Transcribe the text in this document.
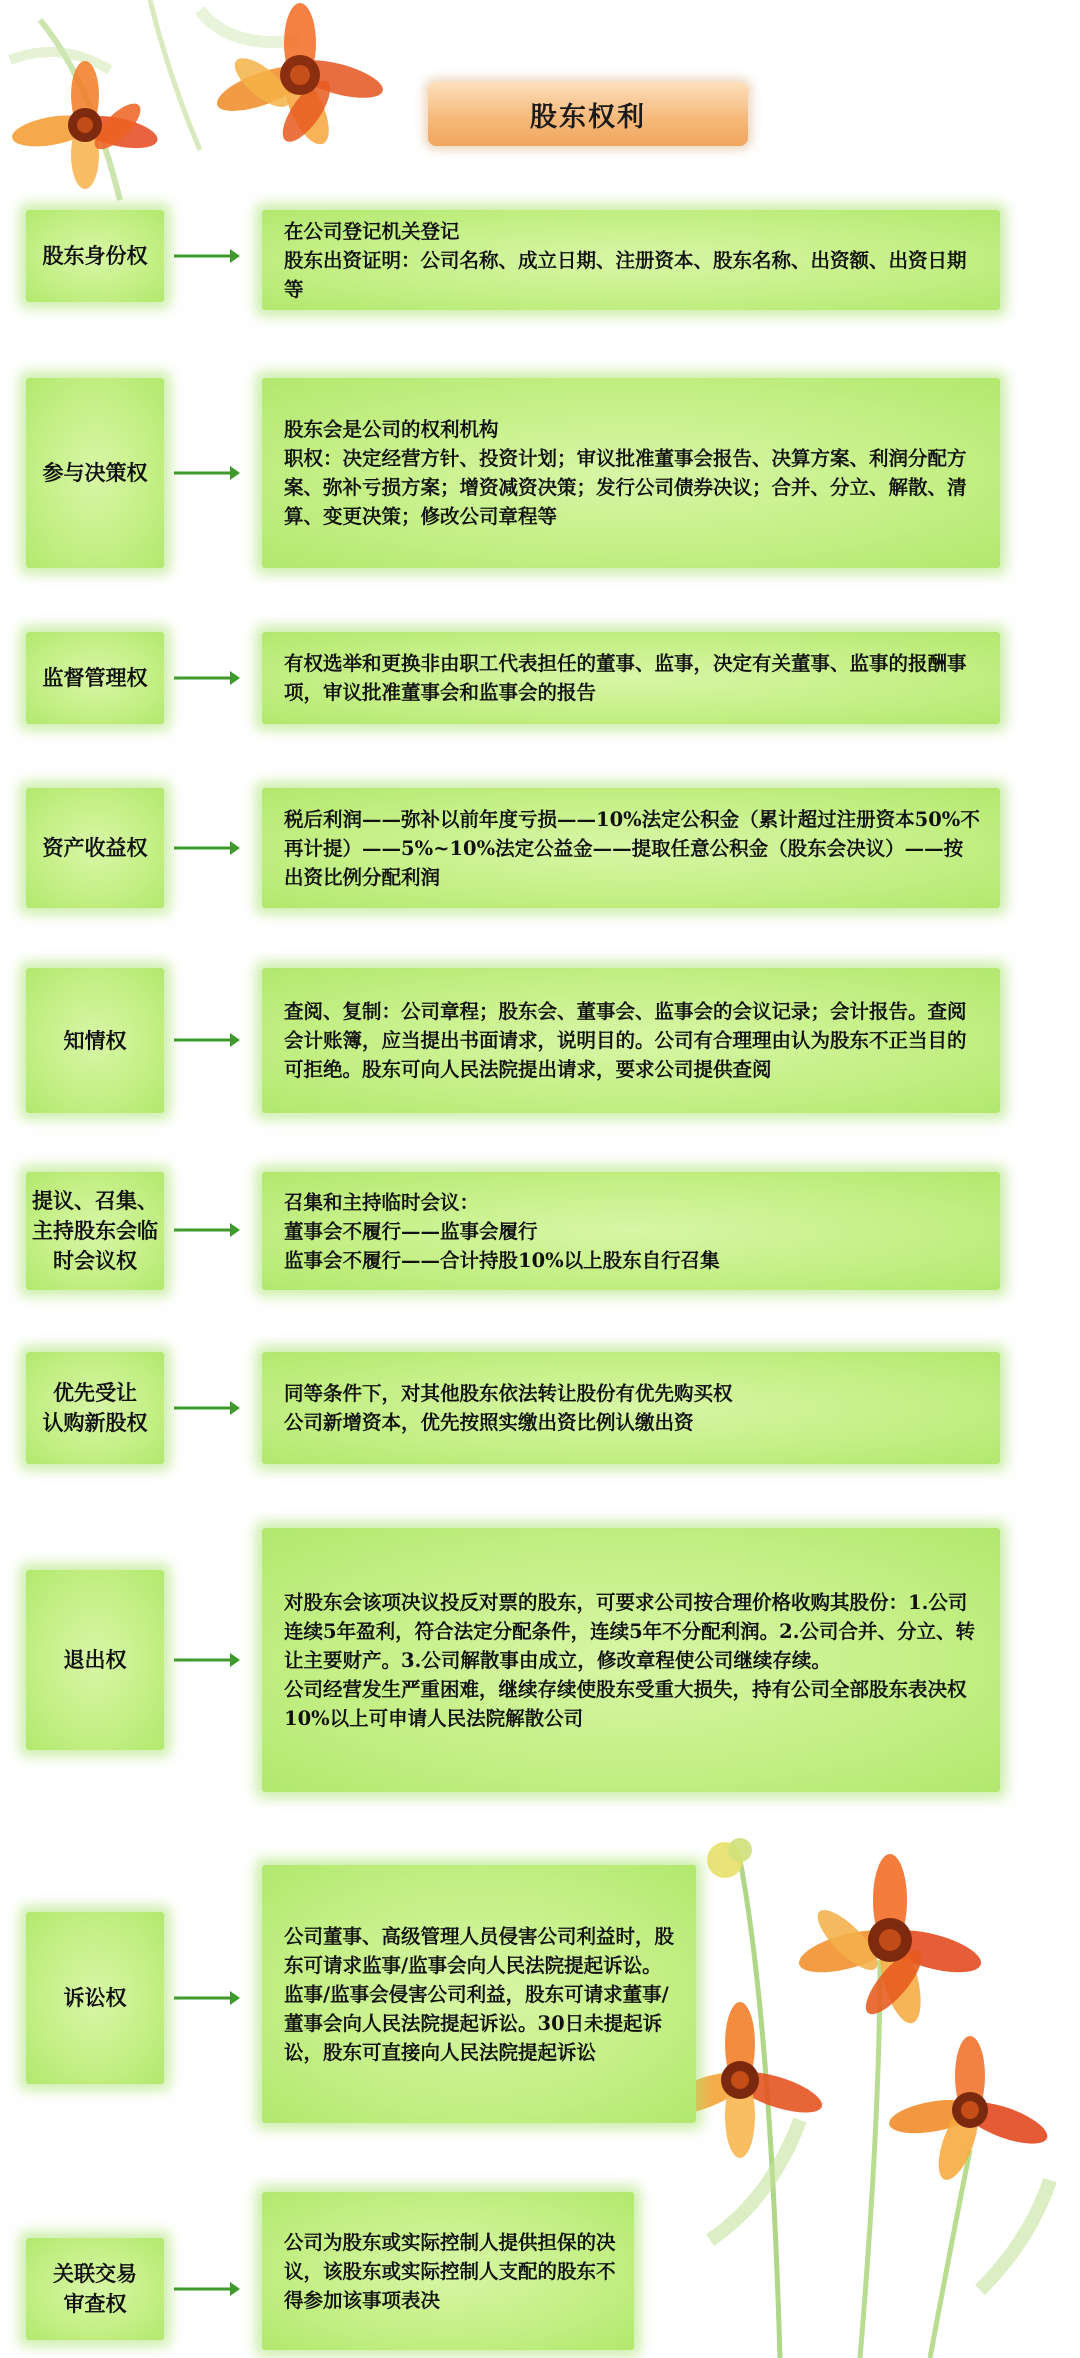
股东权利
股东身份权
在公司登记机关登记
股东出资证明：公司名称、成立日期、注册资本、股东名称、出资额、出资日期等
参与决策权
股东会是公司的权利机构
职权：决定经营方针、投资计划；审议批准董事会报告、决算方案、利润分配方案、弥补亏损方案；增资减资决策；发行公司债券决议；合并、分立、解散、清算、变更决策；修改公司章程等
监督管理权
有权选举和更换非由职工代表担任的董事、监事，决定有关董事、监事的报酬事项，审议批准董事会和监事会的报告
资产收益权
税后利润——弥补以前年度亏损——10%法定公积金（累计超过注册资本50%不再计提）——5%~10%法定公益金——提取任意公积金（股东会决议）——按出资比例分配利润
知情权
查阅、复制：公司章程；股东会、董事会、监事会的会议记录；会计报告。查阅会计账簿，应当提出书面请求，说明目的。公司有合理理由认为股东不正当目的可拒绝。股东可向人民法院提出请求，要求公司提供查阅
提议、召集、
主持股东会临
时会议权
召集和主持临时会议：
董事会不履行——监事会履行
监事会不履行——合计持股10%以上股东自行召集
优先受让
认购新股权
同等条件下，对其他股东依法转让股份有优先购买权
公司新增资本，优先按照实缴出资比例认缴出资
退出权
对股东会该项决议投反对票的股东，可要求公司按合理价格收购其股份：1.公司连续5年盈利，符合法定分配条件，连续5年不分配利润。2.公司合并、分立、转让主要财产。3.公司解散事由成立，修改章程使公司继续存续。
公司经营发生严重困难，继续存续使股东受重大损失，持有公司全部股东表决权10%以上可申请人民法院解散公司
诉讼权
公司董事、高级管理人员侵害公司利益时，股东可请求监事/监事会向人民法院提起诉讼。监事/监事会侵害公司利益，股东可请求董事/董事会向人民法院提起诉讼。30日未提起诉讼，股东可直接向人民法院提起诉讼
关联交易
审查权
公司为股东或实际控制人提供担保的决议，该股东或实际控制人支配的股东不得参加该事项表决
